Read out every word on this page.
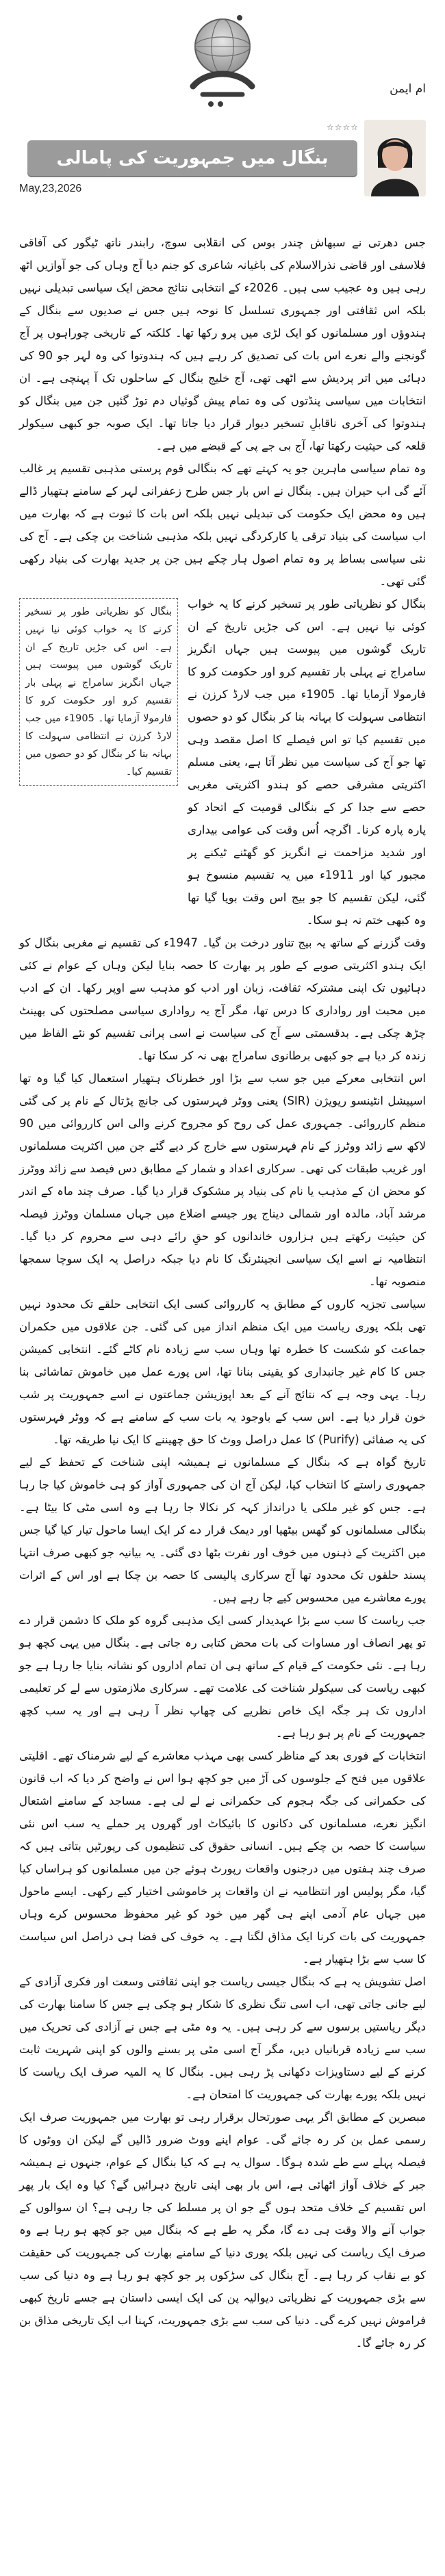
☆☆☆☆
بنگال میں جمہوریت کی پامالی
May,23,2026
ام ایمن

جس دھرتی نے سبھاش چندر بوس کی انقلابی سوچ، رابندر ناتھ ٹیگور کی آفاقی فلاسفی اور قاضی نذرالاسلام کی باغیانہ شاعری کو جنم دیا آج وہاں کی جو آوازیں اٹھ رہی ہیں وہ عجیب سی ہیں۔ 2026ء کے انتخابی نتائج محض ایک سیاسی تبدیلی نہیں بلکہ اس ثقافتی اور جمہوری تسلسل کا نوحہ ہیں جس نے صدیوں سے بنگال کے ہندوؤں اور مسلمانوں کو ایک لڑی میں پرو رکھا تھا۔ کلکتہ کے تاریخی چوراہوں پر آج گونجنے والے نعرے اس بات کی تصدیق کر رہے ہیں کہ ہندوتوا کی وہ لہر جو 90 کی دہائی میں اتر پردیش سے اٹھی تھی، آج خلیج بنگال کے ساحلوں تک آ پہنچی ہے۔ ان انتخابات میں سیاسی پنڈتوں کی وہ تمام پیش گوئیاں دم توڑ گئیں جن میں بنگال کو ہندوتوا کی آخری ناقابلِ تسخیر دیوار قرار دیا جاتا تھا۔ ایک صوبہ جو کبھی سیکولر قلعہ کی حیثیت رکھتا تھا، آج بی جے پی کے قبضے میں ہے۔

وہ تمام سیاسی ماہرین جو یہ کہتے تھے کہ بنگالی قوم پرستی مذہبی تقسیم پر غالب آئے گی اب حیران ہیں۔ بنگال نے اس بار جس طرح زعفرانی لہر کے سامنے ہتھیار ڈالے ہیں وہ محض ایک حکومت کی تبدیلی نہیں بلکہ اس بات کا ثبوت ہے کہ بھارت میں اب سیاست کی بنیاد ترقی یا کارکردگی نہیں بلکہ مذہبی شناخت بن چکی ہے۔ آج کی نئی سیاسی بساط پر وہ تمام اصول ہار چکے ہیں جن پر جدید بھارت کی بنیاد رکھی گئی تھی۔

بنگال کو نظریاتی طور پر تسخیر کرنے کا یہ خواب کوئی نیا نہیں ہے۔ اس کی جڑیں تاریخ کے ان تاریک گوشوں میں پیوست ہیں جہاں انگریز سامراج نے پہلی بار تقسیم کرو اور حکومت کرو کا فارمولا آزمایا تھا۔ 1905ء میں جب لارڈ کرزن نے انتظامی سہولت کا بہانہ بنا کر بنگال کو دو حصوں میں تقسیم کیا تو اس فیصلے کا اصل مقصد وہی تھا جو آج کی سیاست میں نظر آتا ہے، یعنی مسلم اکثریتی مشرقی حصے کو ہندو اکثریتی مغربی حصے سے جدا کر کے بنگالی قومیت کے اتحاد کو پارہ پارہ کرنا۔ اگرچہ اُس وقت کی عوامی بیداری اور شدید مزاحمت نے انگریز کو گھٹنے ٹیکنے پر مجبور کیا اور 1911ء میں یہ تقسیم منسوخ ہو گئی، لیکن تقسیم کا جو بیج اس وقت بویا گیا تھا وہ کبھی ختم نہ ہو سکا۔

بنگال کو نظریاتی طور پر تسخیر کرنے کا یہ خواب کوئی نیا نہیں ہے۔ اس کی جڑیں تاریخ کے ان تاریک گوشوں میں پیوست ہیں جہاں انگریز سامراج نے پہلی بار تقسیم کرو اور حکومت کرو کا فارمولا آزمایا تھا۔ 1905ء میں جب لارڈ کرزن نے انتظامی سہولت کا بہانہ بنا کر بنگال کو دو حصوں میں تقسیم کیا۔

وقت گزرنے کے ساتھ یہ بیج تناور درخت بن گیا۔ 1947ء کی تقسیم نے مغربی بنگال کو ایک ہندو اکثریتی صوبے کے طور پر بھارت کا حصہ بنایا لیکن وہاں کے عوام نے کئی دہائیوں تک اپنی مشترکہ ثقافت، زبان اور ادب کو مذہب سے اوپر رکھا۔ ان کے ادب میں محبت اور رواداری کا درس تھا، مگر آج یہ رواداری سیاسی مصلحتوں کی بھینٹ چڑھ چکی ہے۔ بدقسمتی سے آج کی سیاست نے اسی پرانی تقسیم کو نئے الفاظ میں زندہ کر دیا ہے جو کبھی برطانوی سامراج بھی نہ کر سکا تھا۔

اس انتخابی معرکے میں جو سب سے بڑا اور خطرناک ہتھیار استعمال کیا گیا وہ تھا اسپیشل انٹینسو ریویژن (SIR) یعنی ووٹر فہرستوں کی جانچ پڑتال کے نام پر کی گئی منظم کارروائی۔ جمہوری عمل کی روح کو مجروح کرنے والی اس کارروائی میں 90 لاکھ سے زائد ووٹرز کے نام فہرستوں سے خارج کر دیے گئے جن میں اکثریت مسلمانوں اور غریب طبقات کی تھی۔ سرکاری اعداد و شمار کے مطابق دس فیصد سے زائد ووٹرز کو محض ان کے مذہب یا نام کی بنیاد پر مشکوک قرار دیا گیا۔ صرف چند ماہ کے اندر مرشد آباد، مالدہ اور شمالی دیناج پور جیسے اضلاع میں جہاں مسلمان ووٹرز فیصلہ کن حیثیت رکھتے ہیں ہزاروں خاندانوں کو حقِ رائے دہی سے محروم کر دیا گیا۔ انتظامیہ نے اسے ایک سیاسی انجینئرنگ کا نام دیا جبکہ دراصل یہ ایک سوچا سمجھا منصوبہ تھا۔

سیاسی تجزیہ کاروں کے مطابق یہ کارروائی کسی ایک انتخابی حلقے تک محدود نہیں تھی بلکہ پوری ریاست میں ایک منظم انداز میں کی گئی۔ جن علاقوں میں حکمران جماعت کو شکست کا خطرہ تھا وہاں سب سے زیادہ نام کاٹے گئے۔ انتخابی کمیشن جس کا کام غیر جانبداری کو یقینی بنانا تھا، اس پورے عمل میں خاموش تماشائی بنا رہا۔ یہی وجہ ہے کہ نتائج آنے کے بعد اپوزیشن جماعتوں نے اسے جمہوریت پر شب خون قرار دیا ہے۔ اس سب کے باوجود یہ بات سب کے سامنے ہے کہ ووٹر فہرستوں کی یہ صفائی (Purify) کا عمل دراصل ووٹ کا حق چھیننے کا ایک نیا طریقہ تھا۔

تاریخ گواہ ہے کہ بنگال کے مسلمانوں نے ہمیشہ اپنی شناخت کے تحفظ کے لیے جمہوری راستے کا انتخاب کیا، لیکن آج ان کی جمہوری آواز کو ہی خاموش کیا جا رہا ہے۔ جس کو غیر ملکی یا درانداز کہہ کر نکالا جا رہا ہے وہ اسی مٹی کا بیٹا ہے۔ بنگالی مسلمانوں کو گھس بیٹھیا اور دیمک قرار دے کر ایک ایسا ماحول تیار کیا گیا جس میں اکثریت کے ذہنوں میں خوف اور نفرت بٹھا دی گئی۔ یہ بیانیہ جو کبھی صرف انتہا پسند حلقوں تک محدود تھا آج سرکاری پالیسی کا حصہ بن چکا ہے اور اس کے اثرات پورے معاشرے میں محسوس کیے جا رہے ہیں۔

جب ریاست کا سب سے بڑا عہدیدار کسی ایک مذہبی گروہ کو ملک کا دشمن قرار دے تو پھر انصاف اور مساوات کی بات محض کتابی رہ جاتی ہے۔ بنگال میں یہی کچھ ہو رہا ہے۔ نئی حکومت کے قیام کے ساتھ ہی ان تمام اداروں کو نشانہ بنایا جا رہا ہے جو کبھی ریاست کی سیکولر شناخت کی علامت تھے۔ سرکاری ملازمتوں سے لے کر تعلیمی اداروں تک ہر جگہ ایک خاص نظریے کی چھاپ نظر آ رہی ہے اور یہ سب کچھ جمہوریت کے نام پر ہو رہا ہے۔

انتخابات کے فوری بعد کے مناظر کسی بھی مہذب معاشرے کے لیے شرمناک تھے۔ اقلیتی علاقوں میں فتح کے جلوسوں کی آڑ میں جو کچھ ہوا اس نے واضح کر دیا کہ اب قانون کی حکمرانی کی جگہ ہجوم کی حکمرانی نے لے لی ہے۔ مساجد کے سامنے اشتعال انگیز نعرے، مسلمانوں کی دکانوں کا بائیکاٹ اور گھروں پر حملے یہ سب اس نئی سیاست کا حصہ بن چکے ہیں۔ انسانی حقوق کی تنظیموں کی رپورٹیں بتاتی ہیں کہ صرف چند ہفتوں میں درجنوں واقعات رپورٹ ہوئے جن میں مسلمانوں کو ہراساں کیا گیا، مگر پولیس اور انتظامیہ نے ان واقعات پر خاموشی اختیار کیے رکھی۔ ایسے ماحول میں جہاں عام آدمی اپنے ہی گھر میں خود کو غیر محفوظ محسوس کرے وہاں جمہوریت کی بات کرنا ایک مذاق لگتا ہے۔ یہ خوف کی فضا ہی دراصل اس سیاست کا سب سے بڑا ہتھیار ہے۔

اصل تشویش یہ ہے کہ بنگال جیسی ریاست جو اپنی ثقافتی وسعت اور فکری آزادی کے لیے جانی جاتی تھی، اب اسی تنگ نظری کا شکار ہو چکی ہے جس کا سامنا بھارت کی دیگر ریاستیں برسوں سے کر رہی ہیں۔ یہ وہ مٹی ہے جس نے آزادی کی تحریک میں سب سے زیادہ قربانیاں دیں، مگر آج اسی مٹی پر بسنے والوں کو اپنی شہریت ثابت کرنے کے لیے دستاویزات دکھانی پڑ رہی ہیں۔ بنگال کا یہ المیہ صرف ایک ریاست کا نہیں بلکہ پورے بھارت کی جمہوریت کا امتحان ہے۔

مبصرین کے مطابق اگر یہی صورتحال برقرار رہی تو بھارت میں جمہوریت صرف ایک رسمی عمل بن کر رہ جائے گی۔ عوام اپنے ووٹ ضرور ڈالیں گے لیکن ان ووٹوں کا فیصلہ پہلے سے طے شدہ ہوگا۔ سوال یہ ہے کہ کیا بنگال کے عوام، جنہوں نے ہمیشہ جبر کے خلاف آواز اٹھائی ہے، اس بار بھی اپنی تاریخ دہرائیں گے؟ کیا وہ ایک بار پھر اس تقسیم کے خلاف متحد ہوں گے جو ان پر مسلط کی جا رہی ہے؟ ان سوالوں کے جواب آنے والا وقت ہی دے گا، مگر یہ طے ہے کہ بنگال میں جو کچھ ہو رہا ہے وہ صرف ایک ریاست کی نہیں بلکہ پوری دنیا کے سامنے بھارت کی جمہوریت کی حقیقت کو بے نقاب کر رہا ہے۔ آج بنگال کی سڑکوں پر جو کچھ ہو رہا ہے وہ دنیا کی سب سے بڑی جمہوریت کے نظریاتی دیوالیہ پن کی ایک ایسی داستان ہے جسے تاریخ کبھی فراموش نہیں کرے گی۔ دنیا کی سب سے بڑی جمہوریت، کہنا اب ایک تاریخی مذاق بن کر رہ جائے گا۔
